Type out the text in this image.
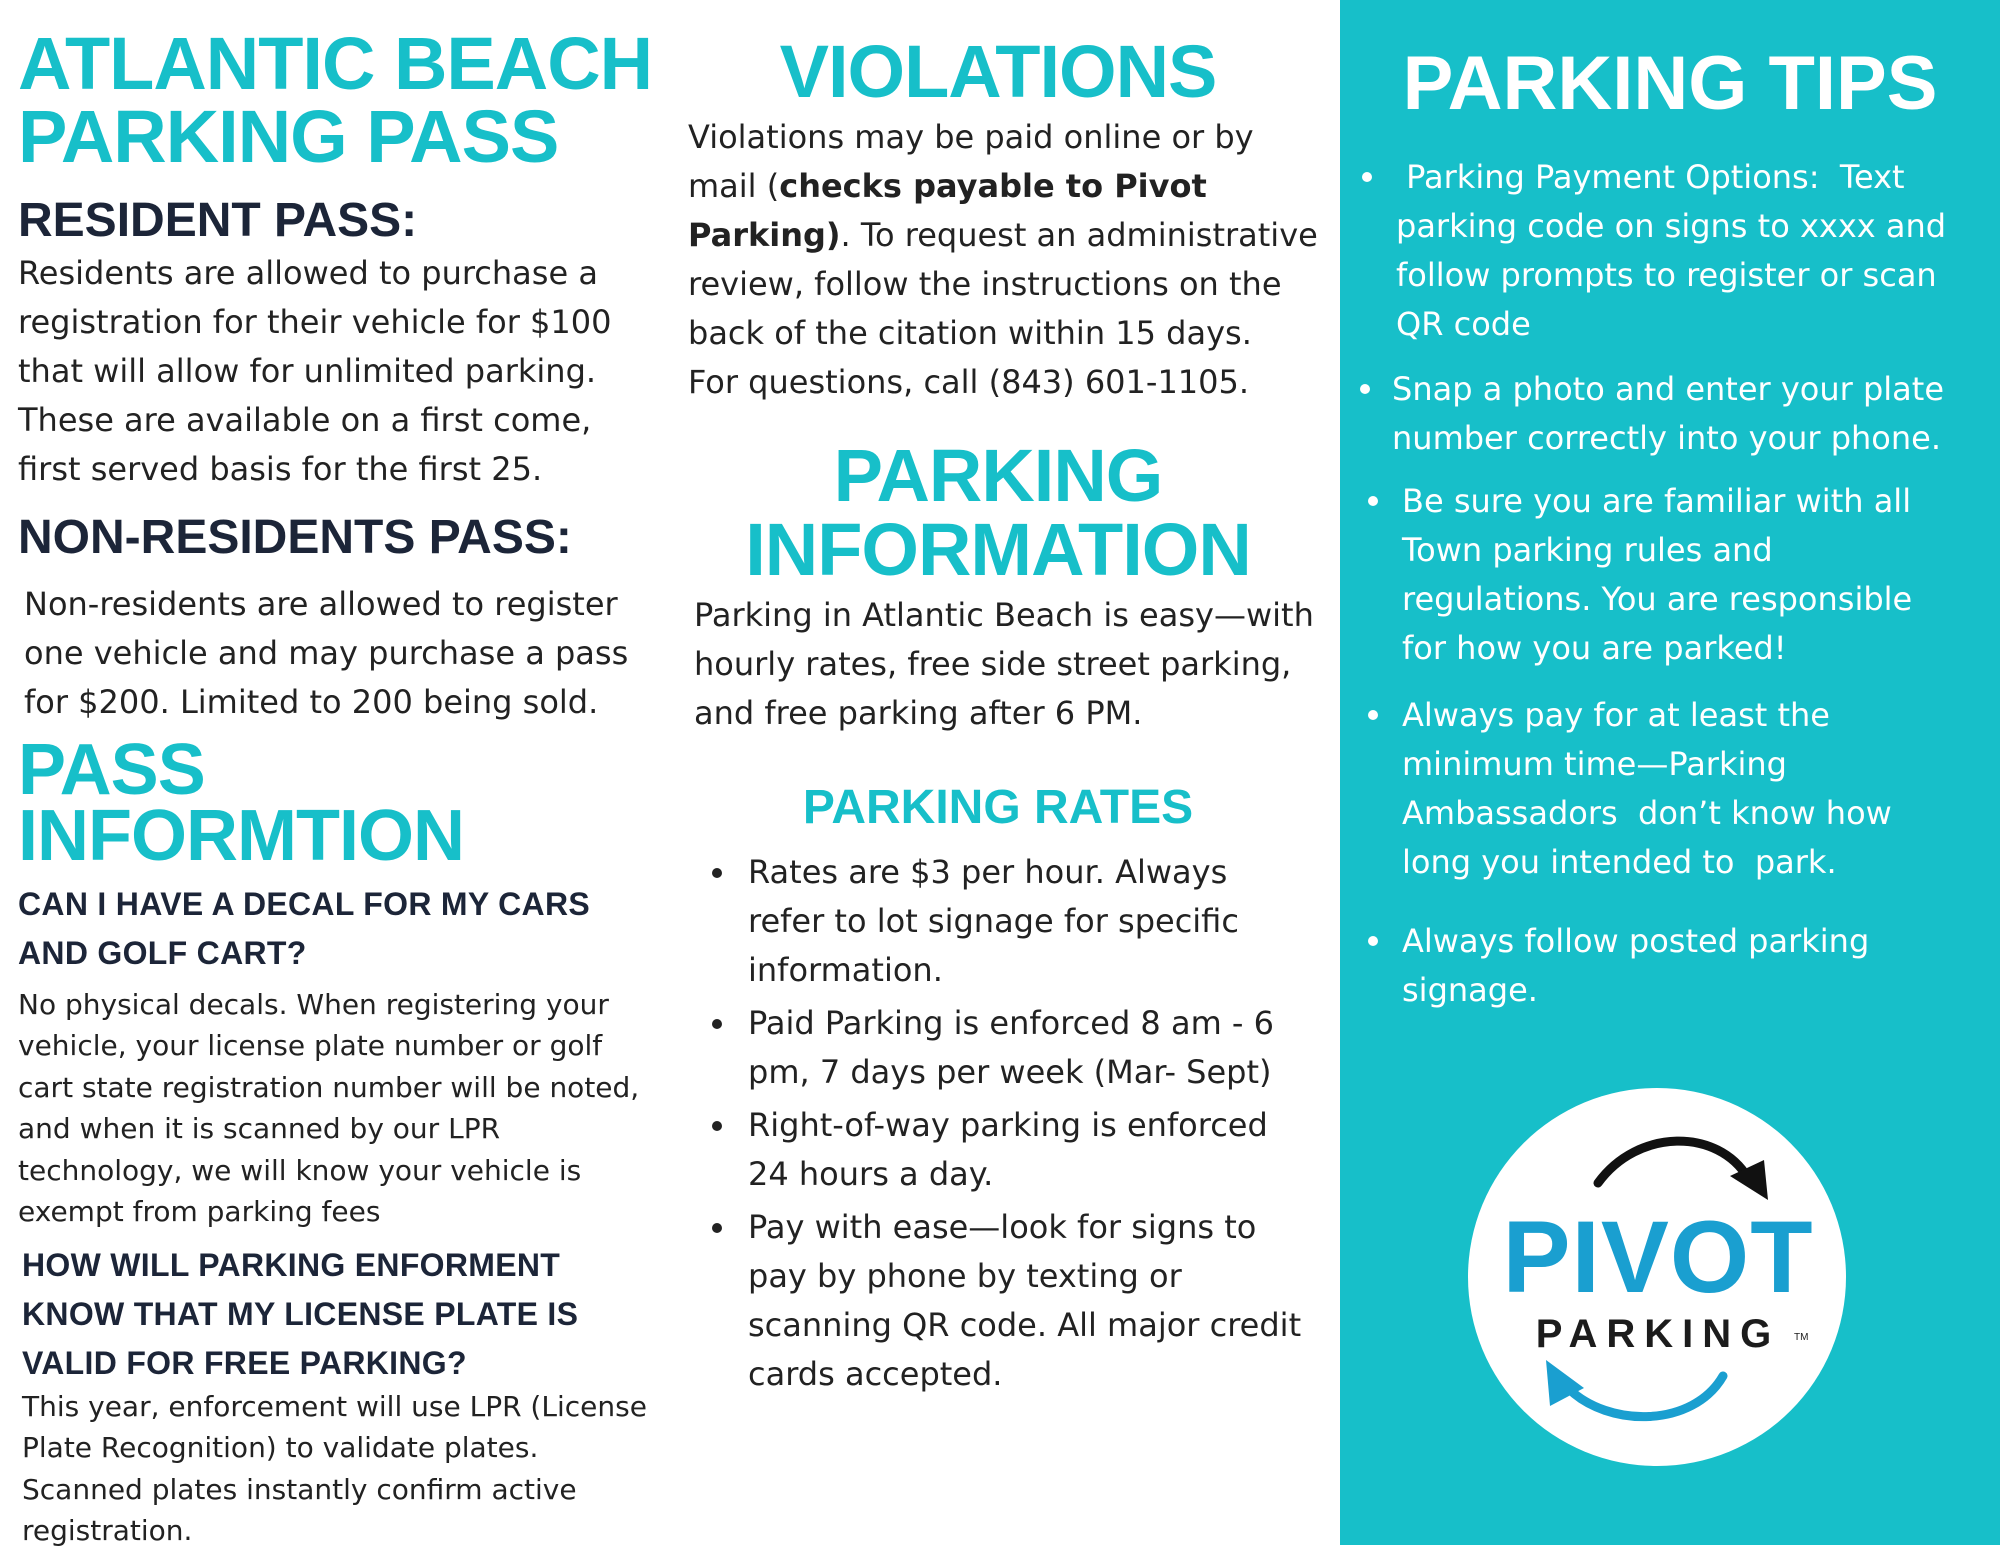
ATLANTIC BEACH
PARKING PASS
RESIDENT PASS:

Residents are allowed to purchase a
registration for their vehicle for $100
that will allow for unlimited parking.
These are available on a first come,
first served basis for the first 25.

NON-RESIDENTS PASS:

Non-residents are allowed to register
one vehicle and may purchase a pass
for $200. Limited to 200 being sold.

PASS
INFORMTION

CAN I HAVE A DECAL FOR MY CARS
AND GOLF CART?

No physical decals. When registering your
vehicle, your license plate number or golf
cart state registration number will be noted,
and when it is scanned by our LPR
technology, we will know your vehicle is
exempt from parking fees

HOW WILL PARKING ENFORMENT
KNOW THAT MY LICENSE PLATE IS
VALID FOR FREE PARKING?

This year, enforcement will use LPR (License
Plate Recognition) to validate plates.
Scanned plates instantly confirm active
registration.

VIOLATIONS

Violations may be paid online or by
mail (checks payable to Pivot
Parking). To request an administrative
review, follow the instructions on the
back of the citation within 15 days.
For questions, call (843) 601-1105.

PARKING
INFORMATION

Parking in Atlantic Beach is easy—with
hourly rates, free side street parking,
and free parking after 6 PM.

PARKING RATES
Rates are $3 per hour. Always
refer to lot signage for specific
information.
Paid Parking is enforced 8 am - 6
pm, 7 days per week (Mar- Sept)
Right-of-way parking is enforced
24 hours a day.
Pay with ease—look for signs to
pay by phone by texting or
scanning QR code. All major credit
cards accepted.
PARKING TIPS
Parking Payment Options:  Text
parking code on signs to xxxx and
follow prompts to register or scan
QR code
Snap a photo and enter your plate
number correctly into your phone.
Be sure you are familiar with all
Town parking rules and
regulations. You are responsible
for how you are parked!
Always pay for at least the
minimum time—Parking
Ambassadors  don’t know how
long you intended to  park.
Always follow posted parking
signage.
PIVOT
PARKING	TM
